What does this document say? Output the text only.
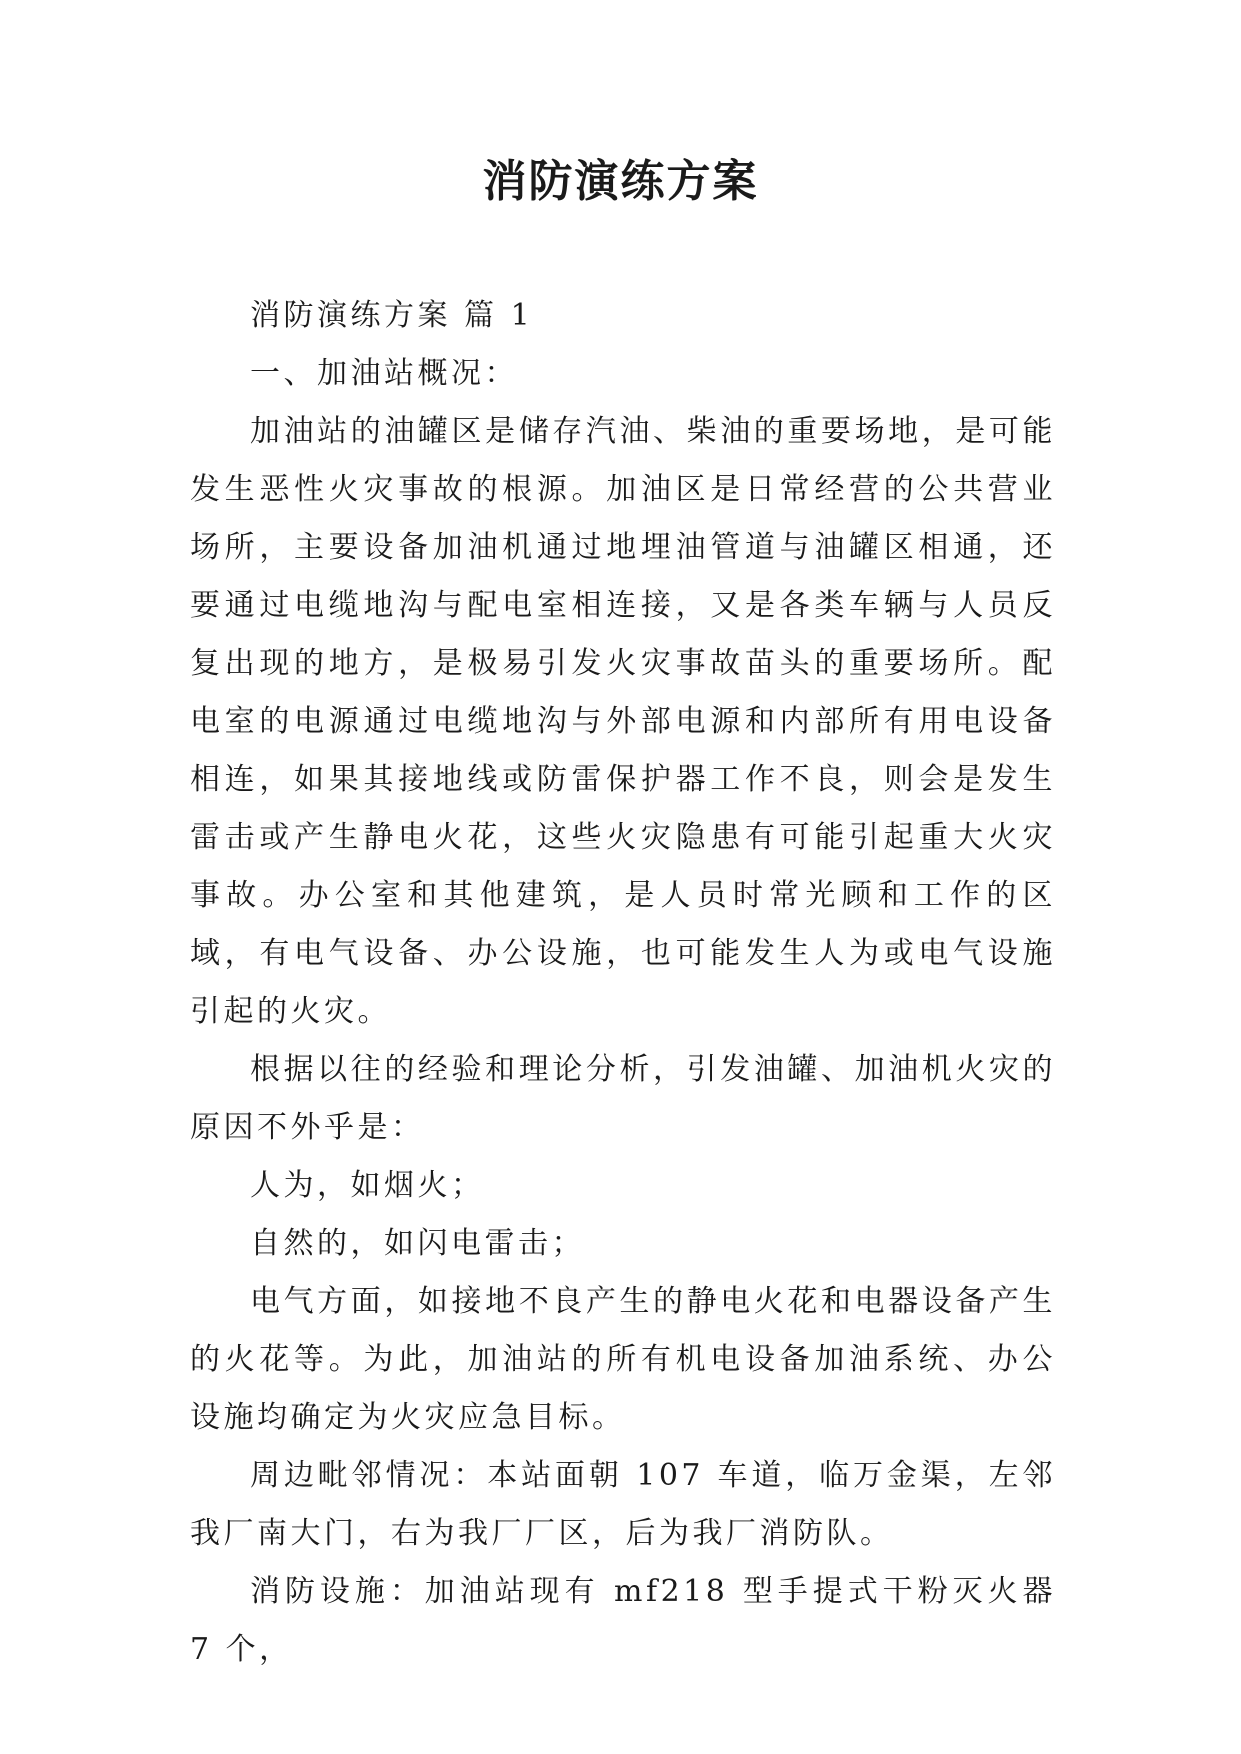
消防演练方案

消防演练方案 篇 1

一、加油站概况：

加油站的油罐区是储存汽油、柴油的重要场地，是可能发生恶性火灾事故的根源。加油区是日常经营的公共营业场所，主要设备加油机通过地埋油管道与油罐区相通，还要通过电缆地沟与配电室相连接，又是各类车辆与人员反复出现的地方，是极易引发火灾事故苗头的重要场所。配电室的电源通过电缆地沟与外部电源和内部所有用电设备相连，如果其接地线或防雷保护器工作不良，则会是发生雷击或产生静电火花，这些火灾隐患有可能引起重大火灾事故。办公室和其他建筑，是人员时常光顾和工作的区域，有电气设备、办公设施，也可能发生人为或电气设施引起的火灾。

根据以往的经验和理论分析，引发油罐、加油机火灾的原因不外乎是：

人为，如烟火；

自然的，如闪电雷击；

电气方面，如接地不良产生的静电火花和电器设备产生的火花等。为此，加油站的所有机电设备加油系统、办公设施均确定为火灾应急目标。

周边毗邻情况：本站面朝 107 车道，临万金渠，左邻我厂南大门，右为我厂厂区，后为我厂消防队。

消防设施：加油站现有 mf218 型手提式干粉灭火器 7 个，
